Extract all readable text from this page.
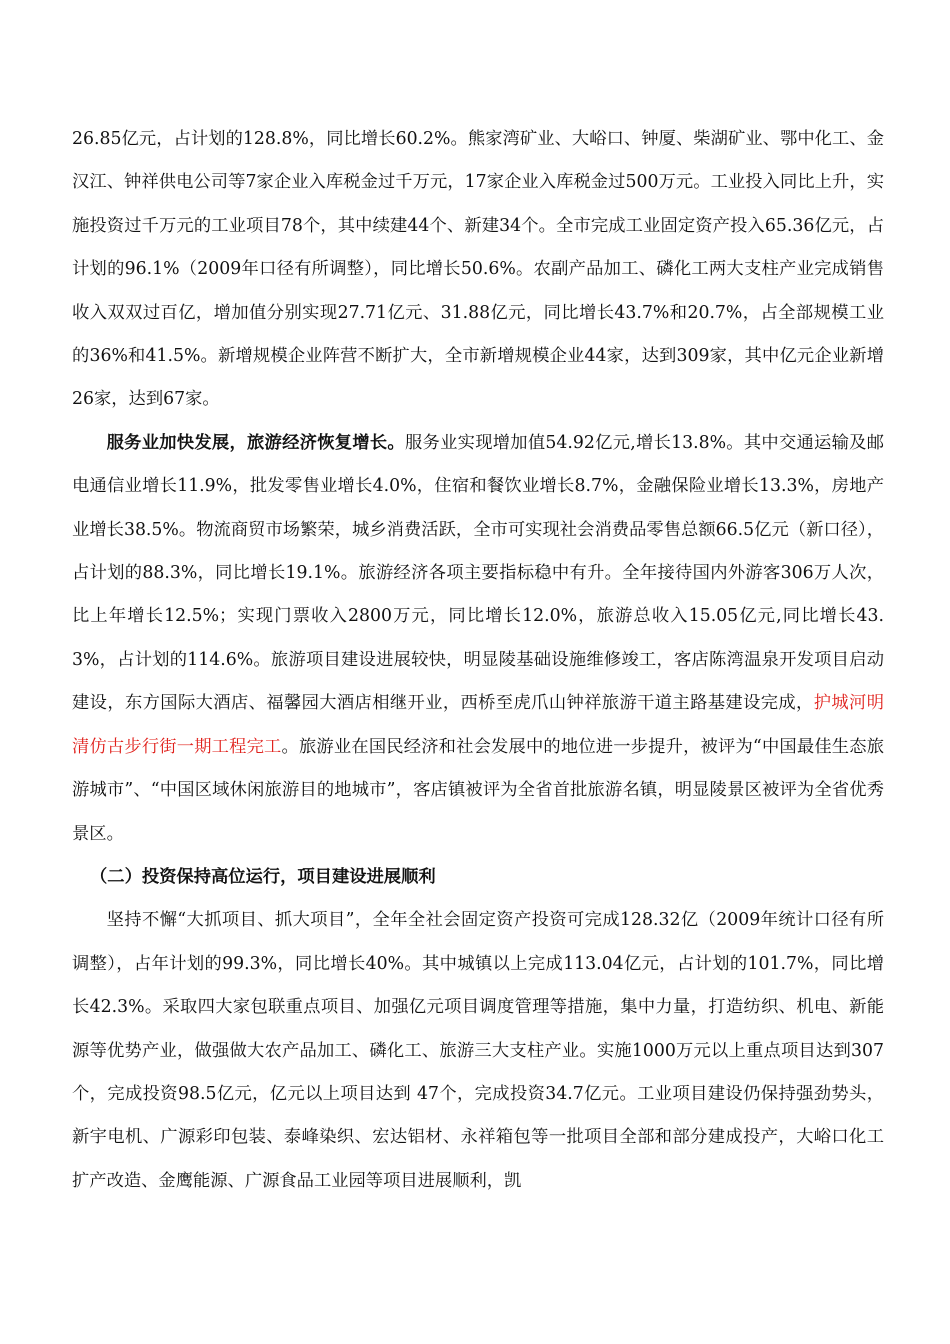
26.85亿元，占计划的128.8%，同比增长60.2%。熊家湾矿业、大峪口、钟厦、柴湖矿业、鄂中化工、金汉江、钟祥供电公司等7家企业入库税金过千万元，17家企业入库税金过500万元。工业投入同比上升，实施投资过千万元的工业项目78个，其中续建44个、新建34个。全市完成工业固定资产投入65.36亿元，占计划的96.1%（2009年口径有所调整），同比增长50.6%。农副产品加工、磷化工两大支柱产业完成销售收入双双过百亿，增加值分别实现27.71亿元、31.88亿元，同比增长43.7%和20.7%，占全部规模工业的36%和41.5%。新增规模企业阵营不断扩大，全市新增规模企业44家，达到309家，其中亿元企业新增26家，达到67家。

服务业加快发展，旅游经济恢复增长。服务业实现增加值54.92亿元,增长13.8%。其中交通运输及邮电通信业增长11.9%，批发零售业增长4.0%，住宿和餐饮业增长8.7%，金融保险业增长13.3%，房地产业增长38.5%。物流商贸市场繁荣，城乡消费活跃，全市可实现社会消费品零售总额66.5亿元（新口径），占计划的88.3%，同比增长19.1%。旅游经济各项主要指标稳中有升。全年接待国内外游客306万人次，比上年增长12.5%；实现门票收入2800万元，同比增长12.0%，旅游总收入15.05亿元,同比增长43.3%，占计划的114.6%。旅游项目建设进展较快，明显陵基础设施维修竣工，客店陈湾温泉开发项目启动建设，东方国际大酒店、福馨园大酒店相继开业，西桥至虎爪山钟祥旅游干道主路基建设完成，护城河明清仿古步行街一期工程完工。旅游业在国民经济和社会发展中的地位进一步提升，被评为“中国最佳生态旅游城市”、“中国区域休闲旅游目的地城市”，客店镇被评为全省首批旅游名镇，明显陵景区被评为全省优秀景区。

（二）投资保持高位运行，项目建设进展顺利

坚持不懈“大抓项目、抓大项目”，全年全社会固定资产投资可完成128.32亿（2009年统计口径有所调整），占年计划的99.3%，同比增长40%。其中城镇以上完成113.04亿元，占计划的101.7%，同比增长42.3%。采取四大家包联重点项目、加强亿元项目调度管理等措施，集中力量，打造纺织、机电、新能源等优势产业，做强做大农产品加工、磷化工、旅游三大支柱产业。实施1000万元以上重点项目达到307个，完成投资98.5亿元，亿元以上项目达到 47个，完成投资34.7亿元。工业项目建设仍保持强劲势头，新宇电机、广源彩印包装、泰峰染织、宏达铝材、永祥箱包等一批项目全部和部分建成投产，大峪口化工扩产改造、金鹰能源、广源食品工业园等项目进展顺利，凯
